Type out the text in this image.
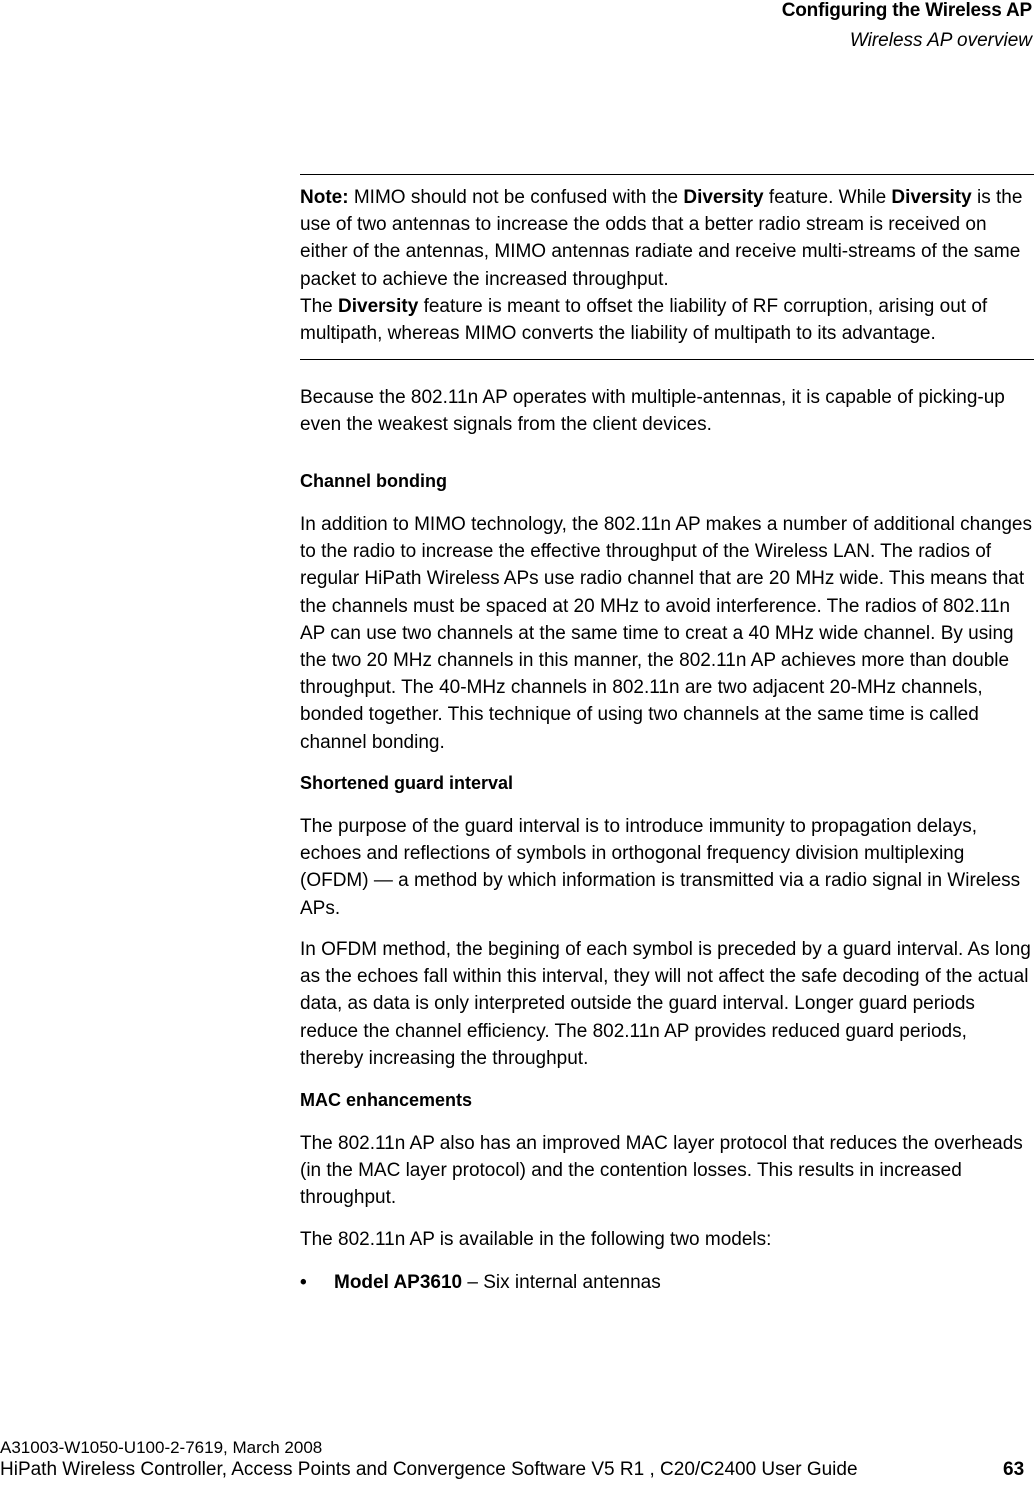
Configuring the Wireless AP
Wireless AP overview

Note: MIMO should not be confused with the Diversity feature. While Diversity is the use of two antennas to increase the odds that a better radio stream is received on either of the antennas, MIMO antennas radiate and receive multi-streams of the same packet to achieve the increased throughput.

The Diversity feature is meant to offset the liability of RF corruption, arising out of multipath, whereas MIMO converts the liability of multipath to its advantage.

Because the 802.11n AP operates with multiple-antennas, it is capable of picking-up even the weakest signals from the client devices.
Channel bonding
In addition to MIMO technology, the 802.11n AP makes a number of additional changes to the radio to increase the effective throughput of the Wireless LAN. The radios of regular HiPath Wireless APs use radio channel that are 20 MHz wide. This means that the channels must be spaced at 20 MHz to avoid interference. The radios of 802.11n AP can use two channels at the same time to creat a 40 MHz wide channel. By using the two 20 MHz channels in this manner, the 802.11n AP achieves more than double throughput. The 40-MHz channels in 802.11n are two adjacent 20-MHz channels, bonded together. This technique of using two channels at the same time is called channel bonding.
Shortened guard interval
The purpose of the guard interval is to introduce immunity to propagation delays, echoes and reflections of symbols in orthogonal frequency division multiplexing (OFDM) — a method by which information is transmitted via a radio signal in Wireless APs.
In OFDM method, the begining of each symbol is preceded by a guard interval. As long as the echoes fall within this interval, they will not affect the safe decoding of the actual data, as data is only interpreted outside the guard interval. Longer guard periods reduce the channel efficiency. The 802.11n AP provides reduced guard periods, thereby increasing the throughput.
MAC enhancements
The 802.11n AP also has an improved MAC layer protocol that reduces the overheads (in the MAC layer protocol) and the contention losses. This results in increased throughput.
The 802.11n AP is available in the following two models:
•	Model AP3610 – Six internal antennas
A31003-W1050-U100-2-7619, March 2008
HiPath Wireless Controller, Access Points and Convergence Software V5 R1 , C20/C2400 User Guide	63
